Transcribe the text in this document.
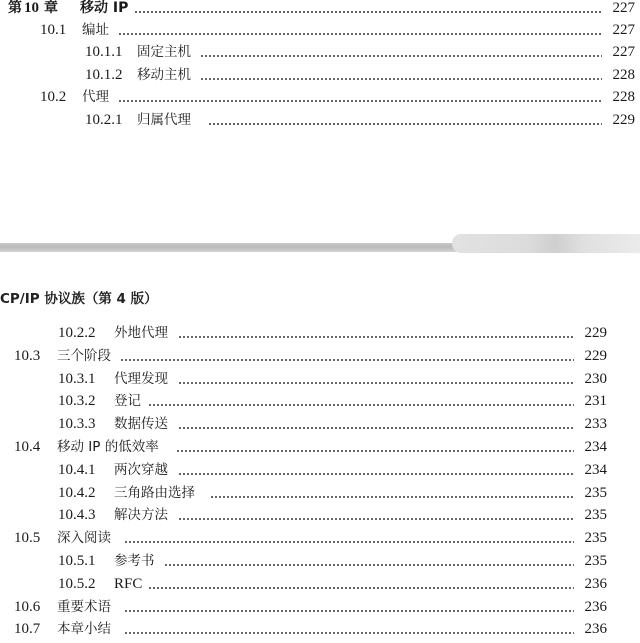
第 10 章 移动 IP	227
10.1 编址	227
10.1.1 固定主机	227
10.1.2 移动主机	228
10.2 代理	228
10.2.1 归属代理	229
CP/IP 协议族（第 4 版）
10.2.2 外地代理	229
10.3 三个阶段	229
10.3.1 代理发现	230
10.3.2 登记	231
10.3.3 数据传送	233
10.4 移动 IP 的低效率	234
10.4.1 两次穿越	234
10.4.2 三角路由选择	235
10.4.3 解决方法	235
10.5 深入阅读	235
10.5.1 参考书	235
10.5.2 RFC	236
10.6 重要术语	236
10.7 本章小结	236
